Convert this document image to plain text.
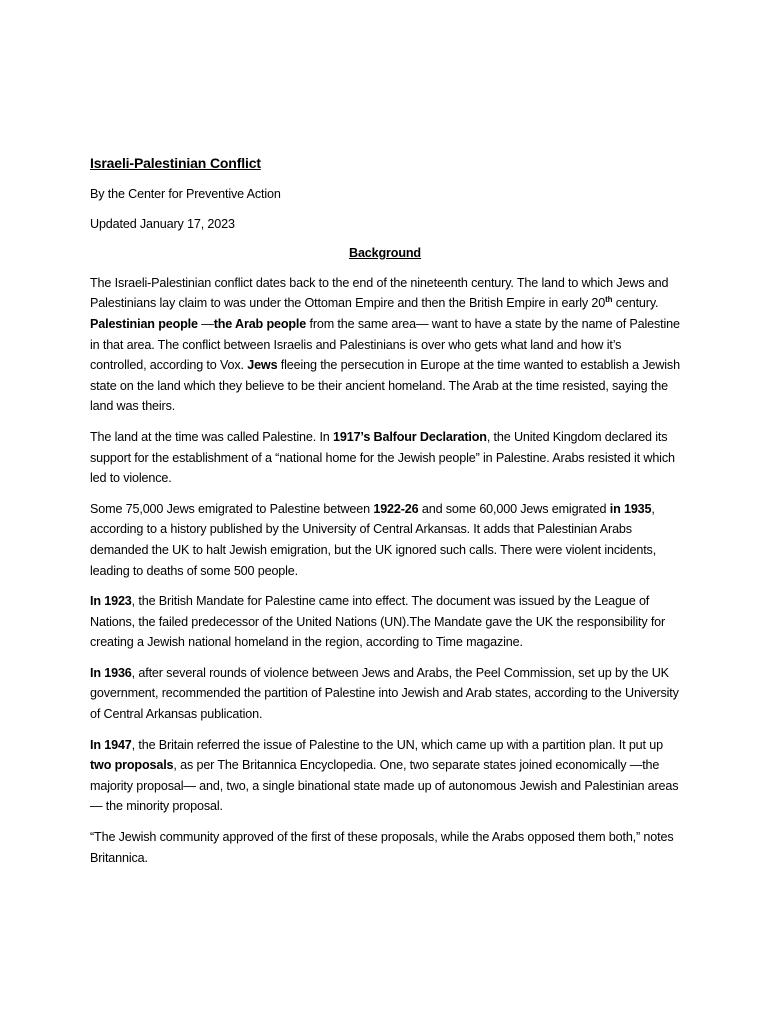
Israeli-Palestinian Conflict
By the Center for Preventive Action
Updated January 17, 2023
Background

The Israeli-Palestinian conflict dates back to the end of the nineteenth century. The land to which Jews and Palestinians lay claim to was under the Ottoman Empire and then the British Empire in early 20th century. Palestinian people —the Arab people from the same area— want to have a state by the name of Palestine in that area. The conflict between Israelis and Palestinians is over who gets what land and how it’s controlled, according to Vox. Jews fleeing the persecution in Europe at the time wanted to establish a Jewish state on the land which they believe to be their ancient homeland. The Arab at the time resisted, saying the land was theirs.

The land at the time was called Palestine. In 1917’s Balfour Declaration, the United Kingdom declared its support for the establishment of a “national home for the Jewish people” in Palestine. Arabs resisted it which led to violence.

Some 75,000 Jews emigrated to Palestine between 1922-26 and some 60,000 Jews emigrated in 1935, according to a history published by the University of Central Arkansas. It adds that Palestinian Arabs demanded the UK to halt Jewish emigration, but the UK ignored such calls. There were violent incidents, leading to deaths of some 500 people.

In 1923, the British Mandate for Palestine came into effect. The document was issued by the League of Nations, the failed predecessor of the United Nations (UN).The Mandate gave the UK the responsibility for creating a Jewish national homeland in the region, according to Time magazine.

In 1936, after several rounds of violence between Jews and Arabs, the Peel Commission, set up by the UK government, recommended the partition of Palestine into Jewish and Arab states, according to the University of Central Arkansas publication.

In 1947, the Britain referred the issue of Palestine to the UN, which came up with a partition plan. It put up two proposals, as per The Britannica Encyclopedia. One, two separate states joined economically —the majority proposal— and, two, a single binational state made up of autonomous Jewish and Palestinian areas — the minority proposal.

“The Jewish community approved of the first of these proposals, while the Arabs opposed them both,” notes Britannica.
